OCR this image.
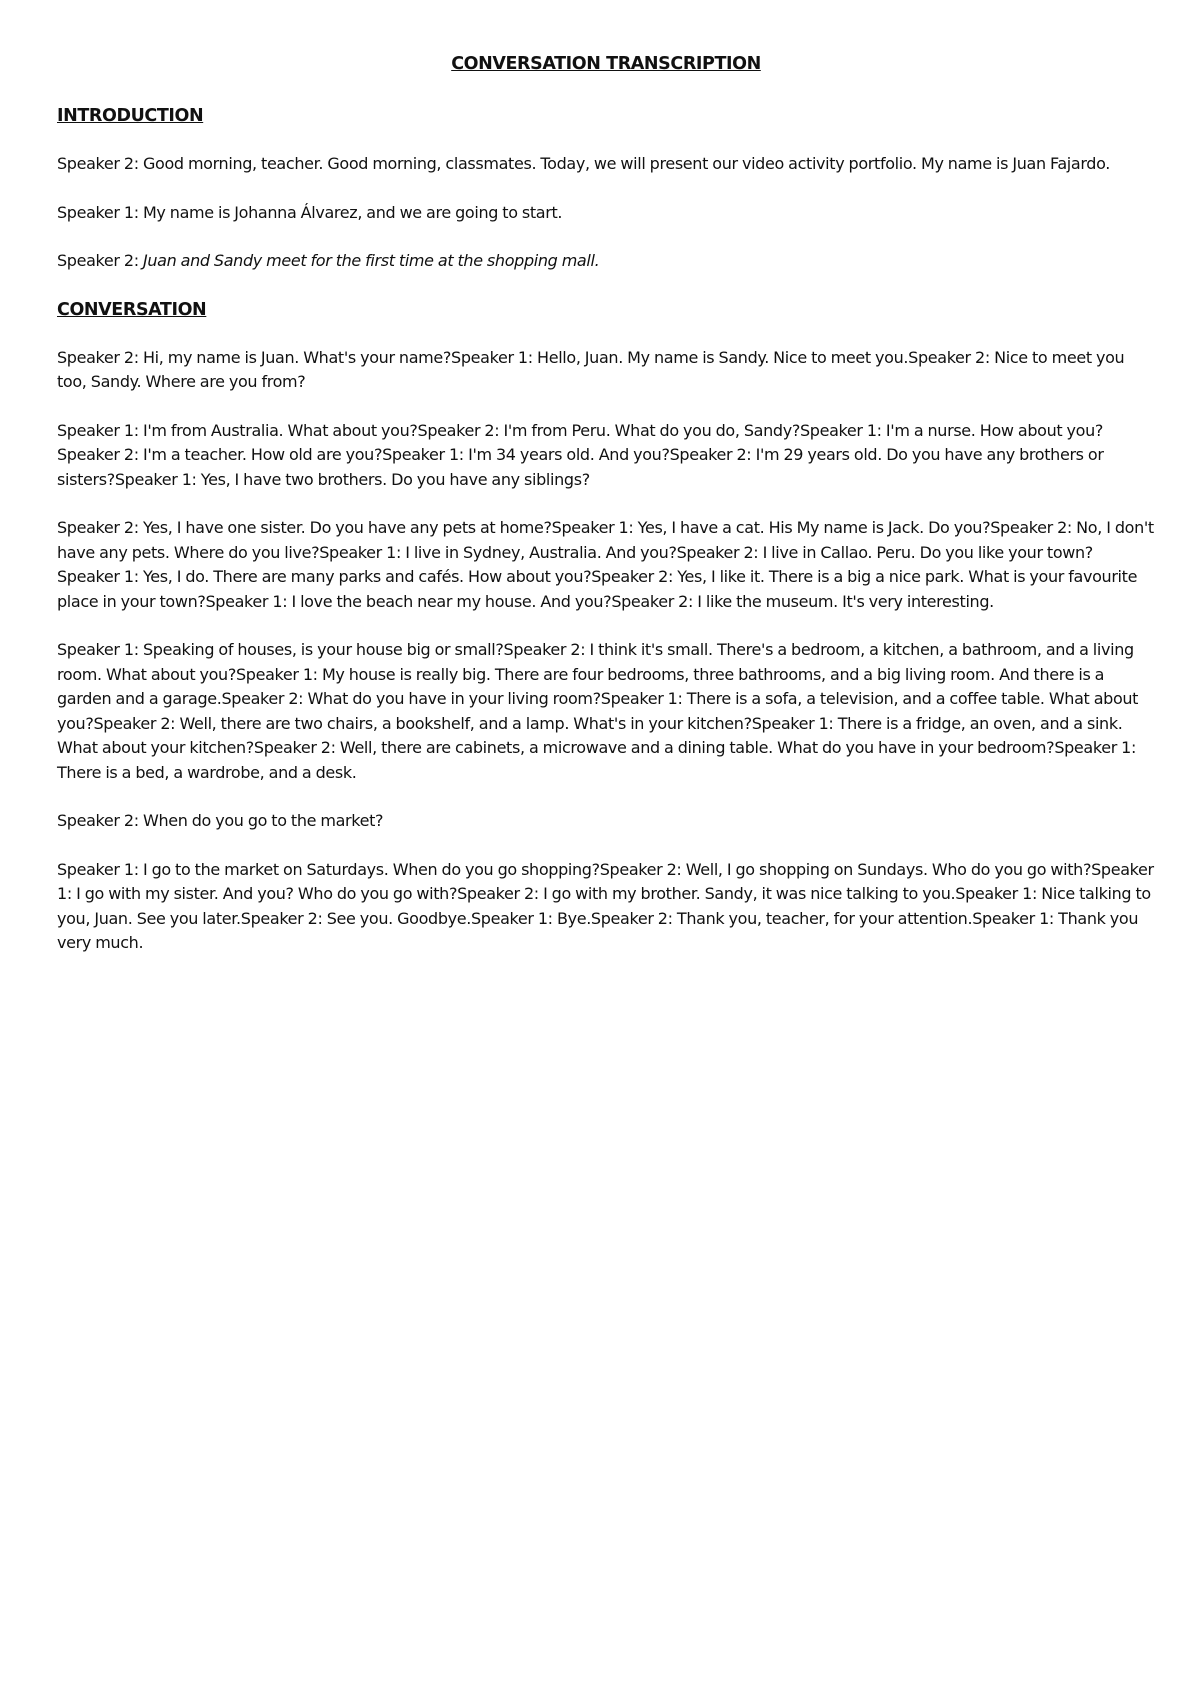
CONVERSATION TRANSCRIPTION
INTRODUCTION

Speaker 2: Good morning, teacher. Good morning, classmates. Today, we will present our video activity portfolio. My name is Juan Fajardo.

Speaker 1: My name is Johanna Álvarez, and we are going to start.

Speaker 2: Juan and Sandy meet for the first time at the shopping mall.

CONVERSATION

Speaker 2: Hi, my name is Juan. What's your name?Speaker 1: Hello, Juan. My name is Sandy. Nice to meet you.Speaker 2: Nice to meet you too, Sandy. Where are you from?

Speaker 1: I'm from Australia. What about you?Speaker 2: I'm from Peru. What do you do, Sandy?Speaker 1: I'm a nurse. How about you?Speaker 2: I'm a teacher. How old are you?Speaker 1: I'm 34 years old. And you?Speaker 2: I'm 29 years old. Do you have any brothers or sisters?Speaker 1: Yes, I have two brothers. Do you have any siblings?

Speaker 2: Yes, I have one sister. Do you have any pets at home?Speaker 1: Yes, I have a cat. His My name is Jack. Do you?Speaker 2: No, I don't have any pets. Where do you live?Speaker 1: I live in Sydney, Australia. And you?Speaker 2: I live in Callao. Peru. Do you like your town?Speaker 1: Yes, I do. There are many parks and cafés. How about you?Speaker 2: Yes, I like it. There is a big a nice park. What is your favourite place in your town?Speaker 1: I love the beach near my house. And you?Speaker 2: I like the museum. It's very interesting.

Speaker 1: Speaking of houses, is your house big or small?Speaker 2: I think it's small. There's a bedroom, a kitchen, a bathroom, and a living room. What about you?Speaker 1: My house is really big. There are four bedrooms, three bathrooms, and a big living room. And there is a garden and a garage.Speaker 2: What do you have in your living room?Speaker 1: There is a sofa, a television, and a coffee table. What about you?Speaker 2: Well, there are two chairs, a bookshelf, and a lamp. What's in your kitchen?Speaker 1: There is a fridge, an oven, and a sink. What about your kitchen?Speaker 2: Well, there are cabinets, a microwave and a dining table. What do you have in your bedroom?Speaker 1: There is a bed, a wardrobe, and a desk.

Speaker 2: When do you go to the market?

Speaker 1: I go to the market on Saturdays. When do you go shopping?Speaker 2: Well, I go shopping on Sundays. Who do you go with?Speaker 1: I go with my sister. And you? Who do you go with?Speaker 2: I go with my brother. Sandy, it was nice talking to you.Speaker 1: Nice talking to you, Juan. See you later.Speaker 2: See you. Goodbye.Speaker 1: Bye.Speaker 2: Thank you, teacher, for your attention.Speaker 1: Thank you very much.
